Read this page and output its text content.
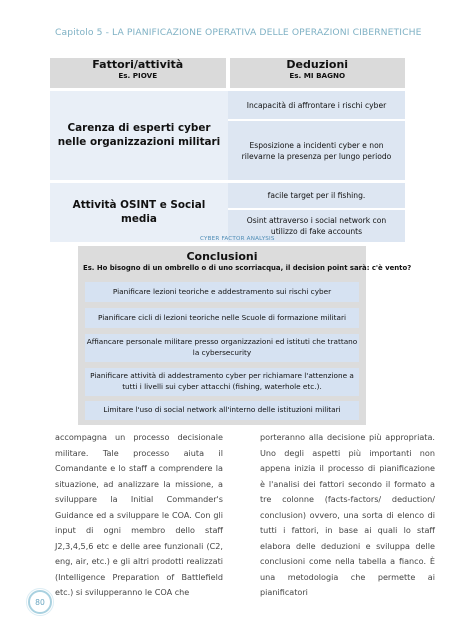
Capitolo 5 - LA PIANIFICAZIONE OPERATIVA DELLE OPERAZIONI CIBERNETICHE
Fattori/attività
Es. PIOVE
Deduzioni
Es. MI BAGNO
Carenza di esperti cyber nelle organizzazioni militari
Incapacità di affrontare i rischi cyber
Esposizione a incidenti cyber e non rilevarne la presenza per lungo periodo
Attività OSINT e Social media
facile target per il fishing.
Osint attraverso i social network con utilizzo di fake accounts
CYBER FACTOR ANALYSIS
Conclusioni
Es. Ho bisogno di un ombrello o di uno scorriacqua, il decision point sarà: c'è vento?
Pianificare lezioni teoriche e addestramento sui rischi cyber
Pianificare cicli di lezioni teoriche nelle Scuole di formazione militari
Affiancare personale militare presso organizzazioni ed istituti che trattano la cybersecurity
Pianificare attività di addestramento cyber per richiamare l'attenzione a tutti i livelli sui cyber attacchi (fishing, waterhole etc.).
Limitare l'uso di social network all'interno delle istituzioni militari
accompagna un processo decisionale militare. Tale processo aiuta il Comandante e lo staff a comprendere la situazione, ad analizzare la missione, a sviluppare la Initial Commander's Guidance ed a sviluppare le COA. Con gli input di ogni membro dello staff J2,3,4,5,6 etc e delle aree funzionali (C2, eng, air, etc.) e gli altri prodotti realizzati (Intelligence Preparation of Battlefield etc.) si svilupperanno le COA che
porteranno alla decisione più appropriata. Uno degli aspetti più importanti non appena inizia il processo di pianificazione è l'analisi dei fattori secondo il formato a tre colonne (facts-factors/ deduction/ conclusion) ovvero, una sorta di elenco di tutti i fattori, in base ai quali lo staff elabora delle deduzioni e sviluppa delle conclusioni come nella tabella a fianco. È una metodologia che permette ai pianificatori
80
